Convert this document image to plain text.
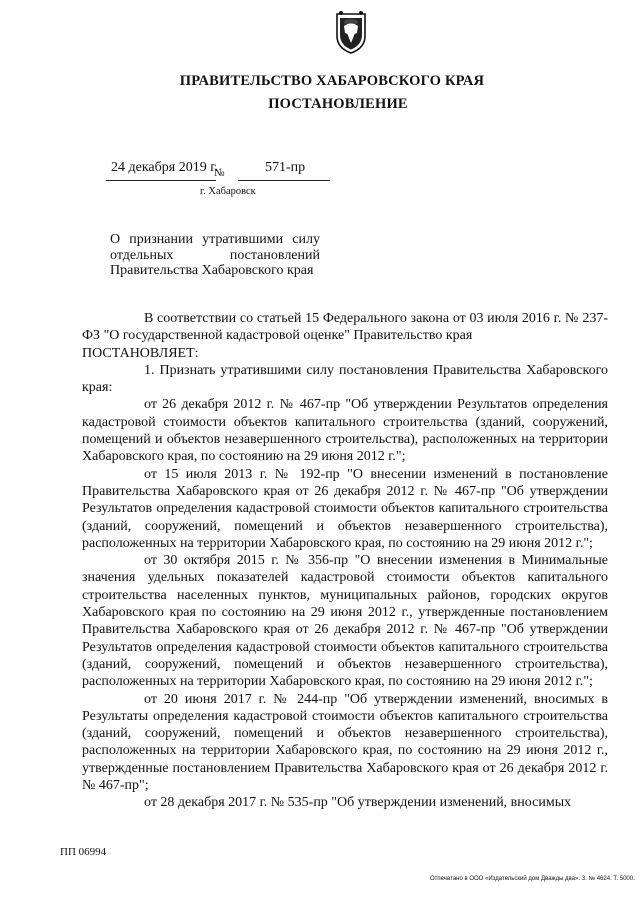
ПРАВИТЕЛЬСТВО ХАБАРОВСКОГО КРАЯ
ПОСТАНОВЛЕНИЕ
24 декабря 2019 г.
№	571-пр
г. Хабаровск
О признании утратившими силу отдельных постановлений Правительства Хабаровского края

В соответствии со статьей 15 Федерального закона от 03 июля 2016 г. № 237-ФЗ "О государственной кадастровой оценке" Правительство края

ПОСТАНОВЛЯЕТ:

1. Признать утратившими силу постановления Правительства Хабаровского края:

от 26 декабря 2012 г. № 467-пр "Об утверждении Результатов определения кадастровой стоимости объектов капитального строительства (зданий, сооружений, помещений и объектов незавершенного строительства), расположенных на территории Хабаровского края, по состоянию на 29 июня 2012 г.";

от 15 июля 2013 г. № 192-пр "О внесении изменений в постановление Правительства Хабаровского края от 26 декабря 2012 г. № 467-пр "Об утверждении Результатов определения кадастровой стоимости объектов капитального строительства (зданий, сооружений, помещений и объектов незавершенного строительства), расположенных на территории Хабаровского края, по состоянию на 29 июня 2012 г.";

от 30 октября 2015 г. № 356-пр "О внесении изменения в Минимальные значения удельных показателей кадастровой стоимости объектов капитального строительства населенных пунктов, муниципальных районов, городских округов Хабаровского края по состоянию на 29 июня 2012 г., утвержденные постановлением Правительства Хабаровского края от 26 декабря 2012 г. № 467-пр "Об утверждении Результатов определения кадастровой стоимости объектов капитального строительства (зданий, сооружений, помещений и объектов незавершенного строительства), расположенных на территории Хабаровского края, по состоянию на 29 июня 2012 г.";

от 20 июня 2017 г. № 244-пр "Об утверждении изменений, вносимых в Результаты определения кадастровой стоимости объектов капитального строительства (зданий, сооружений, помещений и объектов незавершенного строительства), расположенных на территории Хабаровского края, по состоянию на 29 июня 2012 г., утвержденные постановлением Правительства Хабаровского края от 26 декабря 2012 г. № 467-пр";

от 28 декабря 2017 г. № 535-пр "Об утверждении изменений, вносимых

ПП 06994
Отпечатано в ООО «Издательский дом Дважды два». З. № 4624. Т. 5000.
